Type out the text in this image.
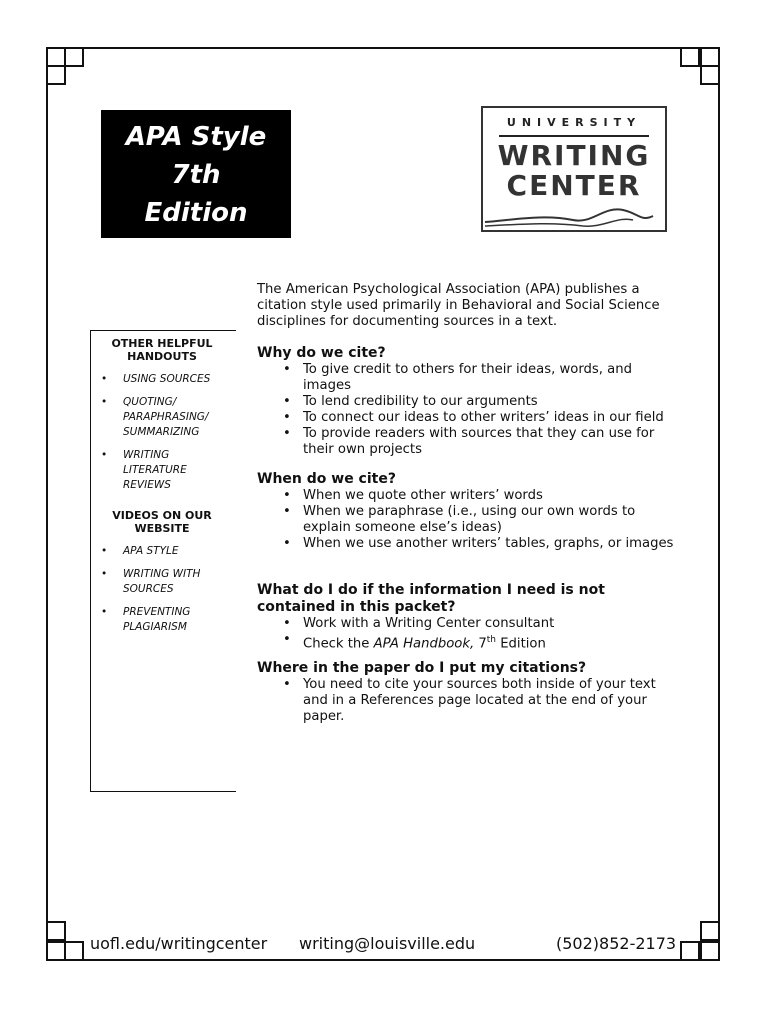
APA Style
7th
Edition
UNIVERSITY
WRITING
CENTER
The American Psychological Association (APA) publishes a citation style used primarily in Behavioral and Social Science disciplines for documenting sources in a text.
OTHER HELPFUL HANDOUTS
• USING SOURCES
• QUOTING/ PARAPHRASING/ SUMMARIZING
• WRITING LITERATURE REVIEWS
VIDEOS ON OUR WEBSITE
• APA STYLE
• WRITING WITH SOURCES
• PREVENTING PLAGIARISM
Why do we cite?
• To give credit to others for their ideas, words, and images
• To lend credibility to our arguments
• To connect our ideas to other writers’ ideas in our field
• To provide readers with sources that they can use for their own projects
When do we cite?
• When we quote other writers’ words
• When we paraphrase (i.e., using our own words to explain someone else’s ideas)
• When we use another writers’ tables, graphs, or images
What do I do if the information I need is not contained in this packet?
• Work with a Writing Center consultant
• Check the APA Handbook, 7th Edition
Where in the paper do I put my citations?
• You need to cite your sources both inside of your text and in a References page located at the end of your paper.
uofl.edu/writingcenter writing@louisville.edu	(502)852-2173
